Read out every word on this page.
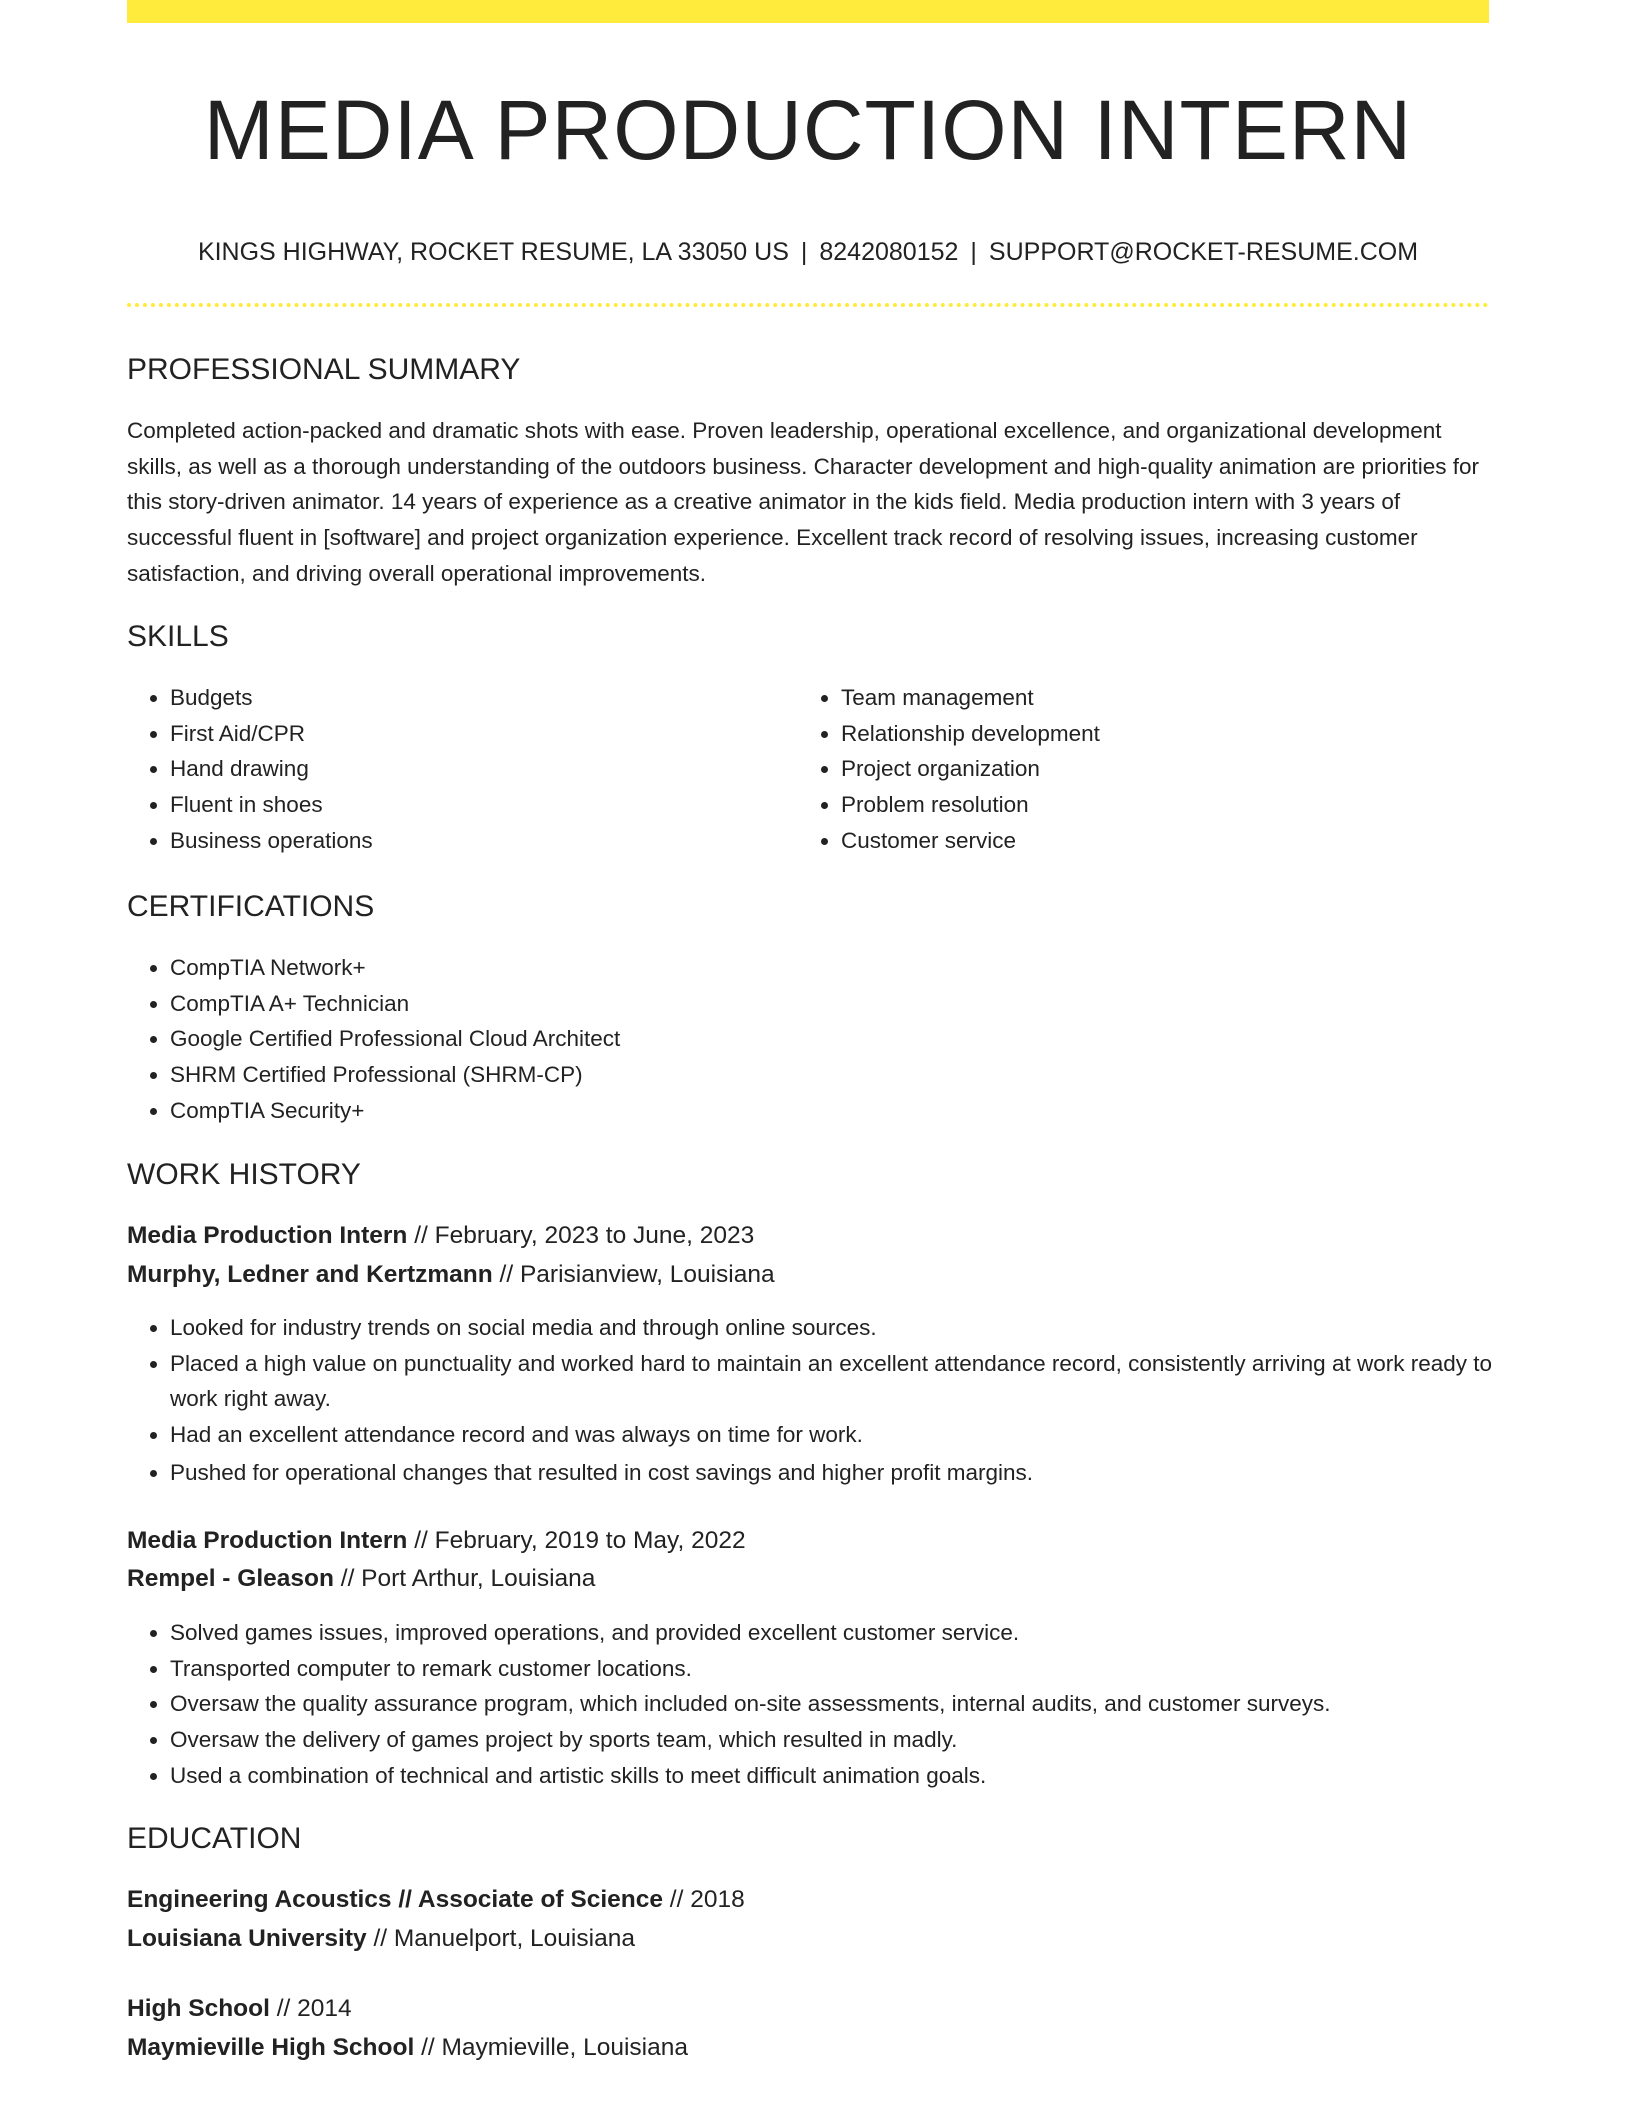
MEDIA PRODUCTION INTERN
KINGS HIGHWAY, ROCKET RESUME, LA 33050 US | 8242080152 | SUPPORT@ROCKET-RESUME.COM
PROFESSIONAL SUMMARY
Completed action-packed and dramatic shots with ease. Proven leadership, operational excellence, and organizational development skills, as well as a thorough understanding of the outdoors business. Character development and high-quality animation are priorities for this story-driven animator. 14 years of experience as a creative animator in the kids field. Media production intern with 3 years of successful fluent in [software] and project organization experience. Excellent track record of resolving issues, increasing customer satisfaction, and driving overall operational improvements.
SKILLS
• Budgets
• First Aid/CPR
• Hand drawing
• Fluent in shoes
• Business operations
• Team management
• Relationship development
• Project organization
• Problem resolution
• Customer service
CERTIFICATIONS
• CompTIA Network+
• CompTIA A+ Technician
• Google Certified Professional Cloud Architect
• SHRM Certified Professional (SHRM-CP)
• CompTIA Security+
WORK HISTORY
Media Production Intern // February, 2023 to June, 2023
Murphy, Ledner and Kertzmann // Parisianview, Louisiana
• Looked for industry trends on social media and through online sources.
• Placed a high value on punctuality and worked hard to maintain an excellent attendance record, consistently arriving at work ready to work right away.
• Had an excellent attendance record and was always on time for work.
• Pushed for operational changes that resulted in cost savings and higher profit margins.
Media Production Intern // February, 2019 to May, 2022
Rempel - Gleason // Port Arthur, Louisiana
• Solved games issues, improved operations, and provided excellent customer service.
• Transported computer to remark customer locations.
• Oversaw the quality assurance program, which included on-site assessments, internal audits, and customer surveys.
• Oversaw the delivery of games project by sports team, which resulted in madly.
• Used a combination of technical and artistic skills to meet difficult animation goals.
EDUCATION
Engineering Acoustics // Associate of Science // 2018
Louisiana University // Manuelport, Louisiana
High School // 2014
Maymieville High School // Maymieville, Louisiana
